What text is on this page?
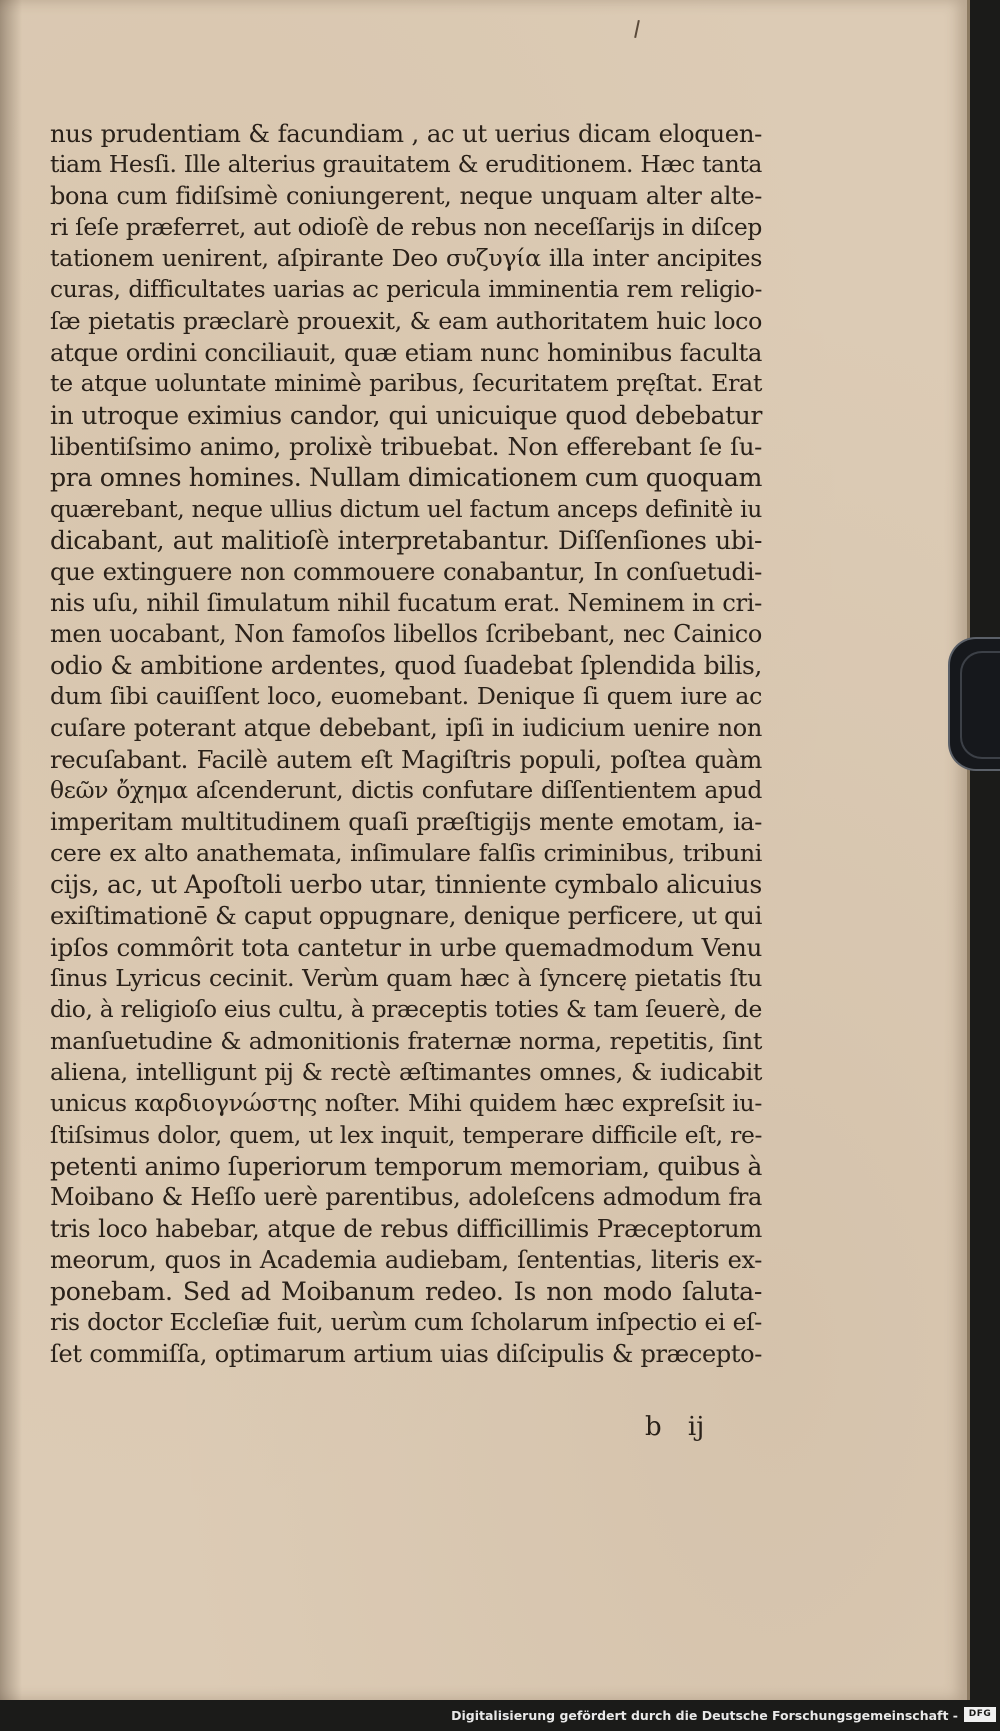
nus prudentiam & facundiam , ac ut uerius dicam eloquen-
tiam Hesſi. Ille alterius grauitatem & eruditionem. Hæc tanta
bona cum fidiſsimè coniungerent, neque unquam alter alte-
ri ſeſe præferret, aut odioſè de rebus non neceſſarijs in diſcep
tationem uenirent, aſpirante Deo συζυγία illa inter ancipites
curas, difficultates uarias ac pericula imminentia rem religio-
ſæ pietatis præclarè prouexit, & eam authoritatem huic loco
atque ordini conciliauit, quæ etiam nunc hominibus faculta
te atque uoluntate minimè paribus, ſecuritatem pręſtat. Erat
in utroque eximius candor, qui unicuique quod debebatur
libentiſsimo animo, prolixè tribuebat. Non efferebant ſe ſu-
pra omnes homines. Nullam dimicationem cum quoquam
quærebant, neque ullius dictum uel factum anceps definitè iu
dicabant, aut malitioſè interpretabantur. Diſſenſiones ubi-
que extinguere non commouere conabantur, In conſuetudi-
nis uſu, nihil ſimulatum nihil fucatum erat. Neminem in cri-
men uocabant, Non famoſos libellos ſcribebant, nec Cainico
odio & ambitione ardentes, quod ſuadebat ſplendida bilis,
dum ſibi cauiſſent loco, euomebant. Denique ſi quem iure ac
cuſare poterant atque debebant, ipſi in iudicium uenire non
recuſabant. Facilè autem eſt Magiſtris populi, poſtea quàm
θεῶν ὄχημα aſcenderunt, dictis confutare diſſentientem apud
imperitam multitudinem quaſi præſtigijs mente emotam, ia-
cere ex alto anathemata, inſimulare falſis criminibus, tribuni
cijs, ac, ut Apoſtoli uerbo utar, tinniente cymbalo alicuius
exiſtimationē & caput oppugnare, denique perficere, ut qui
ipſos commôrit tota cantetur in urbe quemadmodum Venu
ſinus Lyricus cecinit. Verùm quam hæc à ſyncerę pietatis ſtu
dio, à religioſo eius cultu, à præceptis toties & tam ſeuerè, de
manſuetudine & admonitionis fraternæ norma, repetitis, ſint
aliena, intelligunt pij & rectè æſtimantes omnes, & iudicabit
unicus καρδιογνώστης noſter. Mihi quidem hæc expreſsit iu-
ſtiſsimus dolor, quem, ut lex inquit, temperare difficile eſt, re-
petenti animo ſuperiorum temporum memoriam, quibus à
Moibano & Heſſo uerè parentibus, adoleſcens admodum fra
tris loco habebar, atque de rebus difficillimis Præceptorum
meorum, quos in Academia audiebam, ſententias, literis ex-
ponebam. Sed ad Moibanum redeo. Is non modo ſaluta-
ris doctor Eccleſiæ fuit, uerùm cum ſcholarum inſpectio ei eſ-
ſet commiſſa, optimarum artium uias diſcipulis & præcepto-
b ij
Digitalisierung gefördert durch die Deutsche Forschungsgemeinschaft -	DFG
